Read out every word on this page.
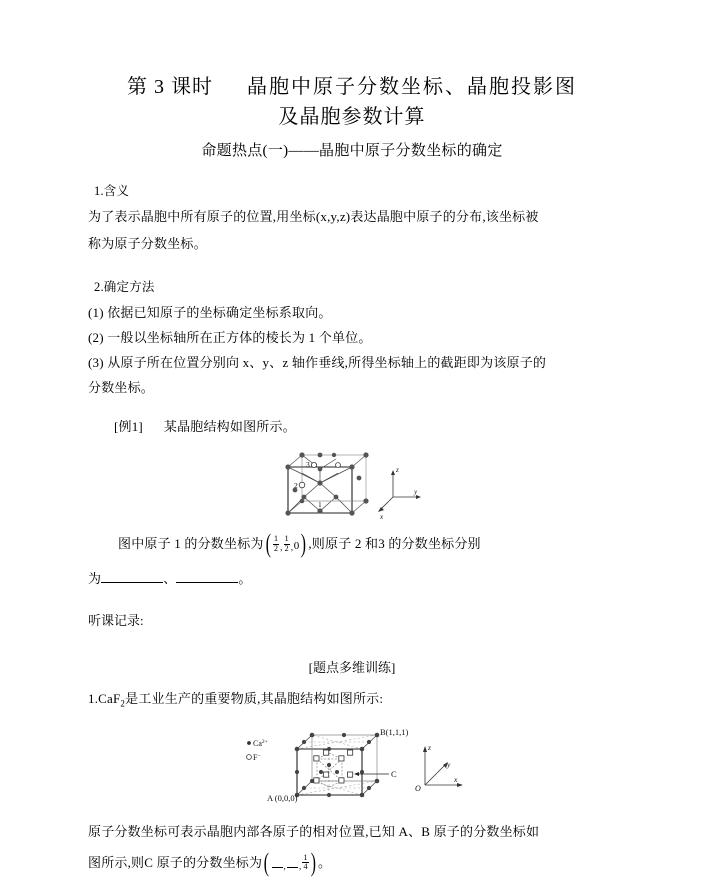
第 3 课时 晶胞中原子分数坐标、晶胞投影图
及晶胞参数计算
命题热点(一)——晶胞中原子分数坐标的确定
1.含义
为了表示晶胞中所有原子的位置,用坐标(x,y,z)表达晶胞中原子的分布,该坐标被
称为原子分数坐标。
2.确定方法
(1) 依据已知原子的坐标确定坐标系取向。
(2) 一般以坐标轴所在正方体的棱长为 1 个单位。
(3) 从原子所在位置分别向 x、y、z 轴作垂线,所得坐标轴上的截距即为该原子的
分数坐标。
[例1] 某晶胞结构如图所示。
3
2
1
z
y
x
图中原子 1 的分数坐标为 ( $\frac{1}{2}$ , $\frac{1}{2}$ , 0 ) ,则原子 2 和3 的分数坐标分别
为	、	。
听课记录:
[题点多维训练]
1.CaF$_2$是工业生产的重要物质,其晶胞结构如图所示:
$Ca^{2+}$
F−
B(1,1,1)
A (0,0,0)
C
z
x
y
O
原子分数坐标可表示晶胞内部各原子的相对位置,已知 A、B 原子的分数坐标如
图所示,则C 原子的分数坐标为 ( , , $\frac{1}{4}$ ) 。
